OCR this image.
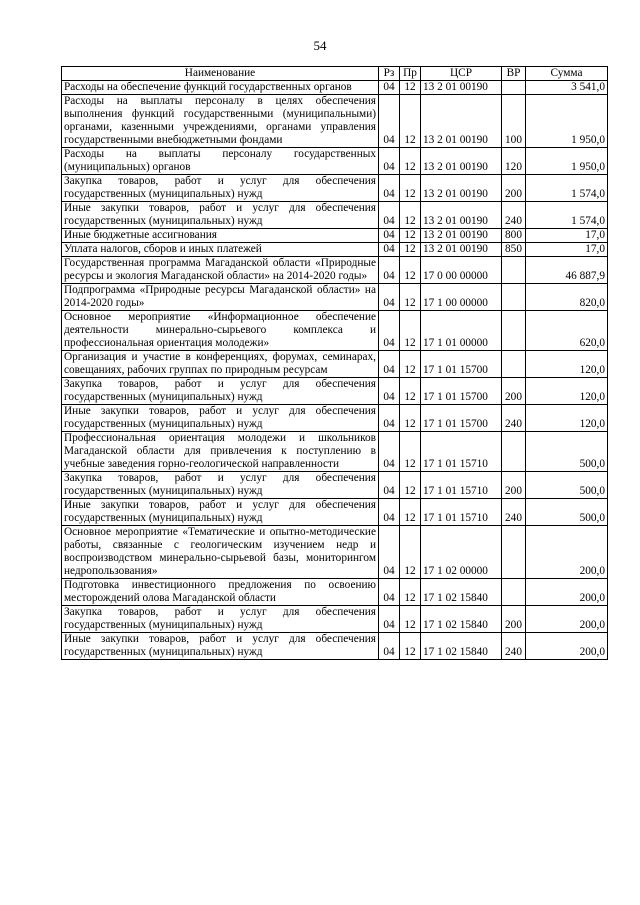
54
Наименование	Рз	Пр	ЦСР	ВР	Сумма
Расходы на обеспечение функций государственных органов	04	12	13 2 01 00190		3 541,0
Расходы на выплаты персоналу в целях обеспечения выполнения функций государственными (муниципальными) органами, казенными учреждениями, органами управления государственными внебюджетными фондами	04	12	13 2 01 00190	100	1 950,0
Расходы на выплаты персоналу государственных (муниципальных) органов	04	12	13 2 01 00190	120	1 950,0
Закупка товаров, работ и услуг для обеспечения государственных (муниципальных) нужд	04	12	13 2 01 00190	200	1 574,0
Иные закупки товаров, работ и услуг для обеспечения государственных (муниципальных) нужд	04	12	13 2 01 00190	240	1 574,0
Иные бюджетные ассигнования	04	12	13 2 01 00190	800	17,0
Уплата налогов, сборов и иных платежей	04	12	13 2 01 00190	850	17,0
Государственная программа Магаданской области «Природные ресурсы и экология Магаданской области» на 2014-2020 годы»	04	12	17 0 00 00000		46 887,9
Подпрограмма «Природные ресурсы Магаданской области» на 2014-2020 годы»	04	12	17 1 00 00000		820,0
Основное мероприятие «Информационное обеспечение деятельности минерально-сырьевого комплекса и профессиональная ориентация молодежи»	04	12	17 1 01 00000		620,0
Организация и участие в конференциях, форумах, семинарах, совещаниях, рабочих группах по природным ресурсам	04	12	17 1 01 15700		120,0
Закупка товаров, работ и услуг для обеспечения государственных (муниципальных) нужд	04	12	17 1 01 15700	200	120,0
Иные закупки товаров, работ и услуг для обеспечения государственных (муниципальных) нужд	04	12	17 1 01 15700	240	120,0
Профессиональная ориентация молодежи и школьников Магаданской области для привлечения к поступлению в учебные заведения горно-геологической направленности	04	12	17 1 01 15710		500,0
Закупка товаров, работ и услуг для обеспечения государственных (муниципальных) нужд	04	12	17 1 01 15710	200	500,0
Иные закупки товаров, работ и услуг для обеспечения государственных (муниципальных) нужд	04	12	17 1 01 15710	240	500,0
Основное мероприятие «Тематические и опытно-методические работы, связанные с геологическим изучением недр и воспроизводством минерально-сырьевой базы, мониторингом недропользования»	04	12	17 1 02 00000		200,0
Подготовка инвестиционного предложения по освоению месторождений олова Магаданской области	04	12	17 1 02 15840		200,0
Закупка товаров, работ и услуг для обеспечения государственных (муниципальных) нужд	04	12	17 1 02 15840	200	200,0
Иные закупки товаров, работ и услуг для обеспечения государственных (муниципальных) нужд	04	12	17 1 02 15840	240	200,0
